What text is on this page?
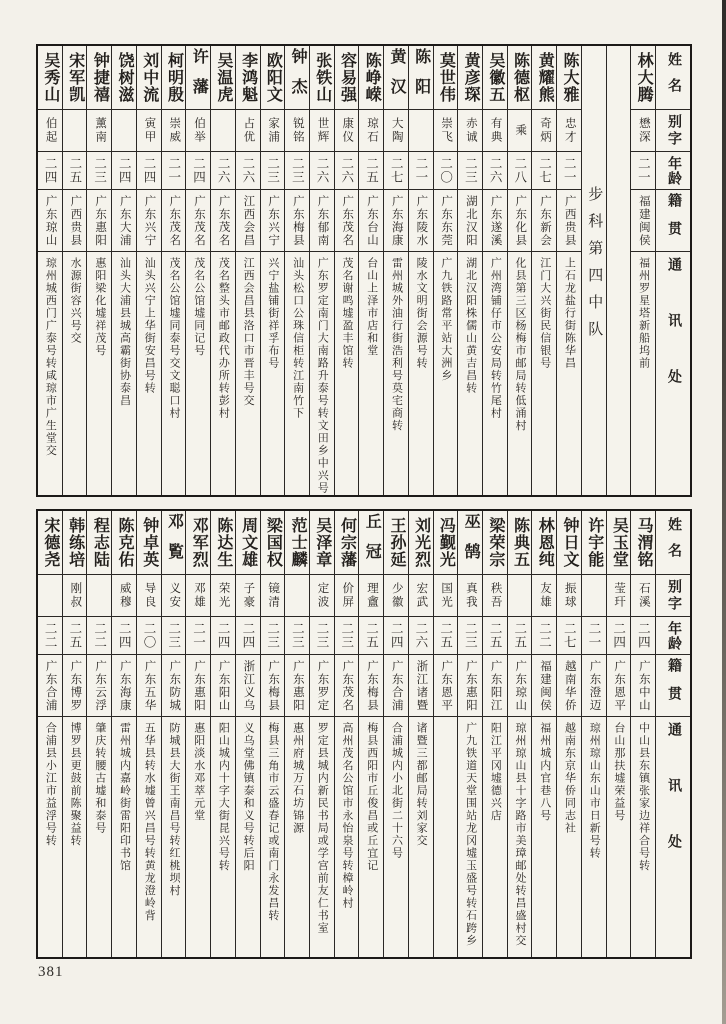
姓名
别字
年龄
籍贯
通讯处
林大腾
懋深
二一
福建闽侯
福州罗星塔新船坞前
步科第四中队
陈大雅
忠才
二一
广西贵县
上石龙盐行街陈华昌
黄耀熊
奇炳
二七
广东新会
江门大兴街民信银号
陈德枢
乘
二八
广东化县
化县第三区杨梅市邮局转低涌村
吴徽五
有典
二六
广东遂溪
广州湾铺仔市公安局转竹尾村
黄彦琛
赤诚
二三
湖北汉阳
湖北汉阳株儒山黄吉昌转
莫世伟
崇飞
二〇
广东东莞
广九铁路常平站大洲乡
陈阳
二一
广东陵水
陵水文明街会源号转
黄汉
大陶
二七
广东海康
雷州城外油行街浩利号莫宅商转
陈峥嵘
琼石
二五
广东台山
台山上泽市店和堂
容易强
康仪
二六
广东茂名
茂名谢鸣墟盈丰馆转
张铁山
世辉
二六
广东郁南
广东罗定南门大南路升泰号转文田乡中兴号
钟杰
锐铭
二三
广东梅县
汕头松口公珠信柜转江南竹下
欧阳文
家浦
二三
广东兴宁
兴宁盐铺街祥孚布号
李鸿魁
占优
二六
江西会昌
江西会昌县洛口市晋丰号交
吴温虎
二六
广东茂名
茂名整头市邮政代办所转彭村
许藩
伯举
二四
广东茂名
茂名公馆墟同记号
柯明殷
崇威
二一
广东茂名
茂名公馆墟同泰号交文聪口村
刘中流
寅甲
二四
广东兴宁
汕头兴宁上华街安昌号转
饶树滋
二四
广东大浦
汕头大浦县城高霸街协泰昌
钟捷禧
薰南
二三
广东惠阳
惠阳梁化墟祥茂号
宋军凯
二五
广西贵县
水源街容兴号交
吴秀山
伯起
二四
广东琼山
琼州城西门广泰号转咸琼市广生堂交
姓名
别字
年龄
籍贯
通讯处
马渭铭
石溪
二四
广东中山
中山县东镇张家边祥合号转
吴玉堂
莹玕
二四
广东恩平
台山那扶墟荣益号
许宇能
二一
广东澄迈
琼州琼山东山市日新号转
钟日文
振球
二七
越南华侨
越南东京华侨同志社
林恩纯
友雄
二二
福建闽侯
福州城内官巷八号
陈典五
二五
广东琼山
琼州琼山县十字路市美璋邮处转昌盛村交
梁荣宗
秩吾
二五
广东阳江
阳江平冈墟德兴店
巫鹄
真我
二三
广东惠阳
广九铁道天堂围站龙冈墟玉盛号转石跨乡
冯觐光
国光
二五
广东恩平
刘光烈
宏武
二六
浙江诸暨
诸暨三都邮局转刘家交
王孙延
少徽
二四
广东合浦
合浦城内小北街二十六号
丘冠
理盦
二五
广东梅县
梅县西阳市丘俊昌或丘宜记
何宗藩
价屏
二三
广东茂名
高州茂名公馆市永怡泉号转樟岭村
吴泽章
定波
二三
广东罗定
罗定县城内新民书局或学宫前友仁书室
范士麟
二三
广东惠阳
惠州府城万石坊锦源
梁国权
镜清
二三
广东梅县
梅县三角市云盛春记或南门永发昌转
周文雄
子豪
二四
浙江义乌
义乌堂佛镇泰和义号转后阳
陈达生
荣光
二四
广东阳山
阳山城内十字大街昆兴号转
邓军烈
邓雄
二一
广东惠阳
惠阳淡水邓萃元堂
邓覧
义安
二三
广东防城
防城县大街王南昌号转红桃坝村
钟卓英
导良
二〇
广东五华
五华县转水墟曾兴昌号转黄龙澄岭背
陈克佑
威穆
二四
广东海康
雷州城内嘉岭街雷阳印书馆
程志陆
二二
广东云浮
肇庆转腰古墟和泰号
韩练培
刚叔
二五
广东博罗
博罗县更鼓前陈聚益转
宋德尧
二二
广东合浦
合浦县小江市益浮号转
381
